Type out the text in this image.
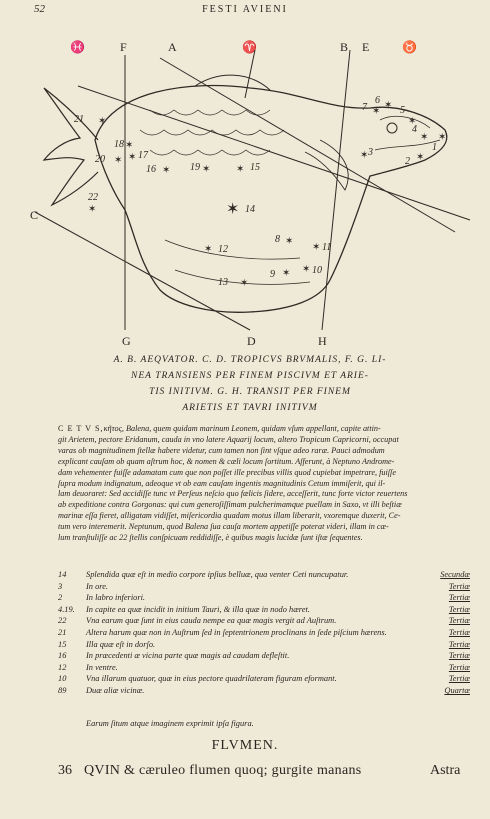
52	FESTI AVIENI
♓	F	A	♈	B E	♉
21
18
17
20
16	19	15
22
14
12
8
13
9	10
11
7
6
5
4
3
2
1
✶
✶
✶
✶
✶	✶	✶
✶	✶
✶
✶
✶
✶ ✶
✶
✶
✶
✶
✶
✶	✶
✶
C
G	D	H
A. B. AEQVATOR. C. D. TROPICVS BRVMALIS, F. G. LI-
NEA TRANSIENS PER FINEM PISCIVM ET ARIE-
TIS INITIVM. G. H. TRANSIT PER FINEM
ARIETIS ET TAVRI INITIVM
C E T V S,κῆτος, Balena, quem quidam marinum Leonem, quidam vſum appellant, capite attin-
git Arietem, pectore Eridanum, cauda in vno latere Aquarij locum, altero Tropicum Capricorni, occupat
varas ob magnitudinem ſtellæ habere videtur, cum tamen non ſint vſque adeo raræ. Pauci admodum
explicant cauſam ob quam aſtrum hoc, & nomen & cæli locum ſortitum. Aſferunt, à Neptuno Androme-
dam vehementer fuiſſe adamatam cum que non poſſet ille precibus villis quod cupiebat impetrare, fuiſſe
ſupra modum indignatum, adeoque vt ob eam cauſam ingentis magnitudinis Cetum immiſerit, qui il-
lam deuoraret: Sed accidiſſe tunc vt Perſeus neſcio quo fælicis ſidere, acceſſerit, tunc forte victor reuertens
ab expeditione contra Gorgonas: qui cum generoſiſſimam pulcherimamque puellam in Saxo, vt illi beſtiæ
marinæ eſſa fieret, alligatam vidiſſet, miſericordia quadam motus illam liberarit, vxoremque duxerit, Ce-
tum vero interemerit. Neptunum, quod Balena ſua cauſa mortem appetiſſe poterat videri, illam in cæ-
lum tranſtuliſſe ac 22 ſtellis conſpicuam reddidiſſe, è quibus magis lucidæ ſunt iſtæ ſequentes.
14	Splendida quæ eſt in medio corpore ipſius belluæ, qua venter Ceti nuncupatur.	Secundæ
3	In ore.	Tertiæ
2	In labro inferiori.	Tertiæ
4.19.	In capite ea quæ incidit in initium Tauri, & illa quæ in nodo hæret.	Tertiæ
22	Vna earum quæ ſunt in eius cauda nempe ea quæ magis vergit ad Auſtrum.	Tertiæ
21	Altera harum quæ non in Auſtrum ſed in ſeptentrionem proclinans in ſede piſcium hærens.	Tertiæ
15	Illa quæ eſt in dorſo.	Tertiæ
16	In præcedenti æ vicina parte quæ magis ad caudam defleſtit.	Tertiæ
12	In ventre.	Tertiæ
10	Vna illarum quatuor, quæ in eius pectore quadrilateram figuram eformant.	Tertiæ
89	Duæ aliæ vicinæ.	Quartæ
Earum ſitum atque imaginem exprimit ipſa figura.
FLVMEN.
36 QVIN & cæruleo flumen quoq; gurgite manans	Astra
